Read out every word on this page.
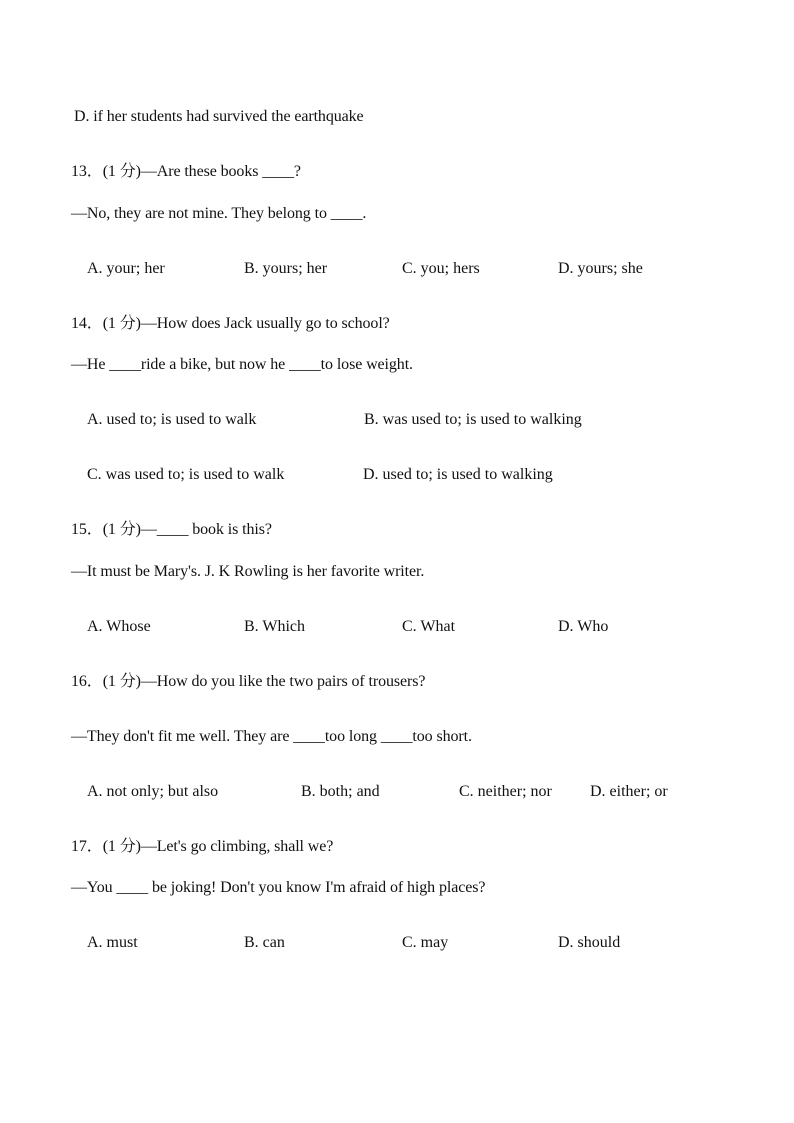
D. if her students had survived the earthquake
13．(1 分)—Are these books ____?
—No, they are not mine. They belong to ____.
A. your; her	B. yours; her	C. you; hers	D. yours; she
14．(1 分)—How does Jack usually go to school?
—He ____ride a bike, but now he ____to lose weight.
A. used to; is used to walk	B. was used to; is used to walking
C. was used to; is used to walk	D. used to; is used to walking
15．(1 分)—____ book is this?
—It must be Mary's. J. K Rowling is her favorite writer.
A. Whose	B. Which	C. What	D. Who
16．(1 分)—How do you like the two pairs of trousers?
—They don't fit me well. They are ____too long ____too short.
A. not only; but also	B. both; and	C. neither; nor D. either; or
17．(1 分)—Let's go climbing, shall we?
—You ____ be joking! Don't you know I'm afraid of high places?
A. must	B. can	C. may	D. should
